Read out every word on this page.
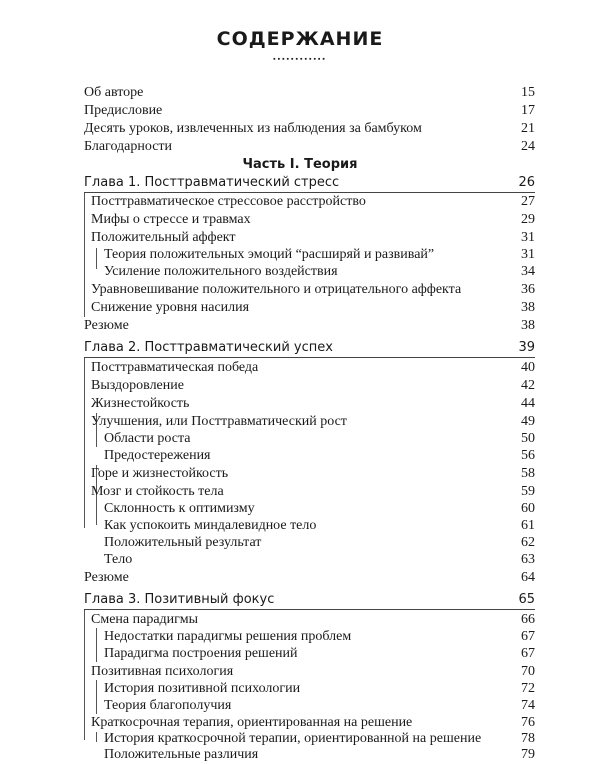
СОДЕРЖАНИЕ
▪▪▪▪▪▪▪▪▪▪▪▪
Об авторе	15
Предисловие	17
Десять уроков, извлеченных из наблюдения за бамбуком	21
Благодарности	24
Часть I. Теория
Глава 1. Посттравматический стресс	26
Посттравматическое стрессовое расстройство	27
Мифы о стрессе и травмах	29
Положительный аффект	31
Теория положительных эмоций “расширяй и развивай”	31
Усиление положительного воздействия	34
Уравновешивание положительного и отрицательного аффекта	36
Снижение уровня насилия	38
Резюме	38
Глава 2. Посттравматический успех	39
Посттравматическая победа	40
Выздоровление	42
Жизнестойкость	44
Улучшения, или Посттравматический рост	49
Области роста	50
Предостережения	56
Горе и жизнестойкость	58
Мозг и стойкость тела	59
Склонность к оптимизму	60
Как успокоить миндалевидное тело	61
Положительный результат	62
Тело	63
Резюме	64
Глава 3. Позитивный фокус	65
Смена парадигмы	66
Недостатки парадигмы решения проблем	67
Парадигма построения решений	67
Позитивная психология	70
История позитивной психологии	72
Теория благополучия	74
Краткосрочная терапия, ориентированная на решение	76
История краткосрочной терапии, ориентированной на решение	78
Положительные различия	79
